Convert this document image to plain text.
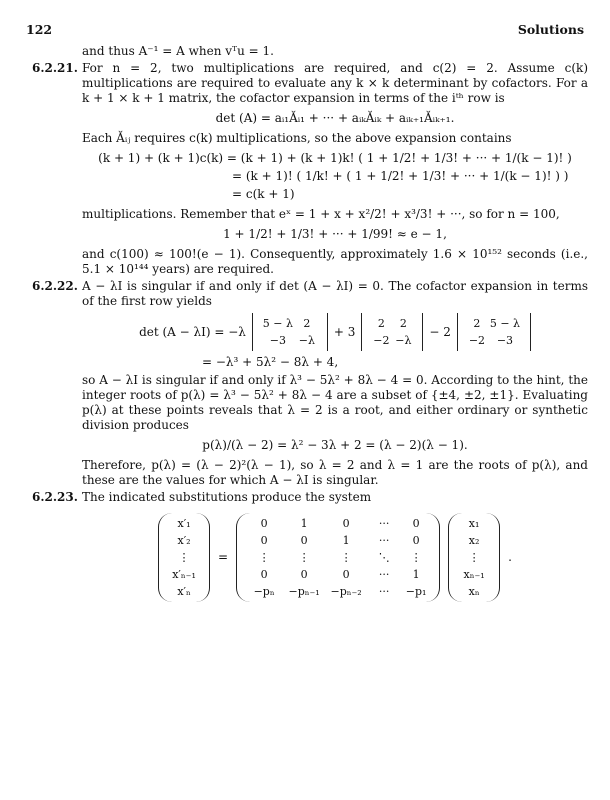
122	Solutions

and thus A⁻¹ = A when vᵀu = 1.

6.2.21. For n = 2, two multiplications are required, and c(2) = 2. Assume c(k) multiplications are required to evaluate any k × k determinant by cofactors. For a k + 1 × k + 1 matrix, the cofactor expansion in terms of the iᵗʰ row is
det (A) = aᵢ₁Ăᵢ₁ + ··· + aᵢₖĂᵢₖ + aᵢₖ₊₁Ăᵢₖ₊₁.

Each Ăᵢⱼ requires c(k) multiplications, so the above expansion contains

(k + 1) + (k + 1)c(k) = (k + 1) + (k + 1)k! ( 1 + 1/2! + 1/3! + ··· + 1/(k − 1)! )
= (k + 1)! ( 1/k! + ( 1 + 1/2! + 1/3! + ··· + 1/(k − 1)! ) )
= c(k + 1)

multiplications. Remember that eˣ = 1 + x + x²/2! + x³/3! + ···, so for n = 100,

1 + 1/2! + 1/3! + ··· + 1/99! ≈ e − 1,

and c(100) ≈ 100!(e − 1). Consequently, approximately 1.6 × 10¹⁵² seconds (i.e., 5.1 × 10¹⁴⁴ years) are required.

6.2.22. A − λI is singular if and only if det (A − λI) = 0. The cofactor expansion in terms of the first row yields
det (A − λI) = −λ
5 − λ 2
−3	−λ
+ 3
2	2
−2 −λ
− 2
2 5 − λ
−2	−3
= −λ³ + 5λ² − 8λ + 4,

so A − λI is singular if and only if λ³ − 5λ² + 8λ − 4 = 0. According to the hint, the integer roots of p(λ) = λ³ − 5λ² + 8λ − 4 are a subset of {±4, ±2, ±1}. Evaluating p(λ) at these points reveals that λ = 2 is a root, and either ordinary or synthetic division produces

p(λ)/(λ − 2) = λ² − 3λ + 2 = (λ − 2)(λ − 1).

Therefore, p(λ) = (λ − 2)²(λ − 1), so λ = 2 and λ = 1 are the roots of p(λ), and these are the values for which A − λI is singular.

6.2.23. The indicated substitutions produce the system
x′₁
x′₂
⋮
x′ₙ₋₁
x′ₙ
=
0	1	0	···	0
0	0	1	···	0
⋮	⋮	⋮	⋱	⋮
0	0	0	···	1
−pₙ	−pₙ₋₁ −pₙ₋₂	···	−p₁
x₁
x₂
⋮
xₙ₋₁
xₙ
.
